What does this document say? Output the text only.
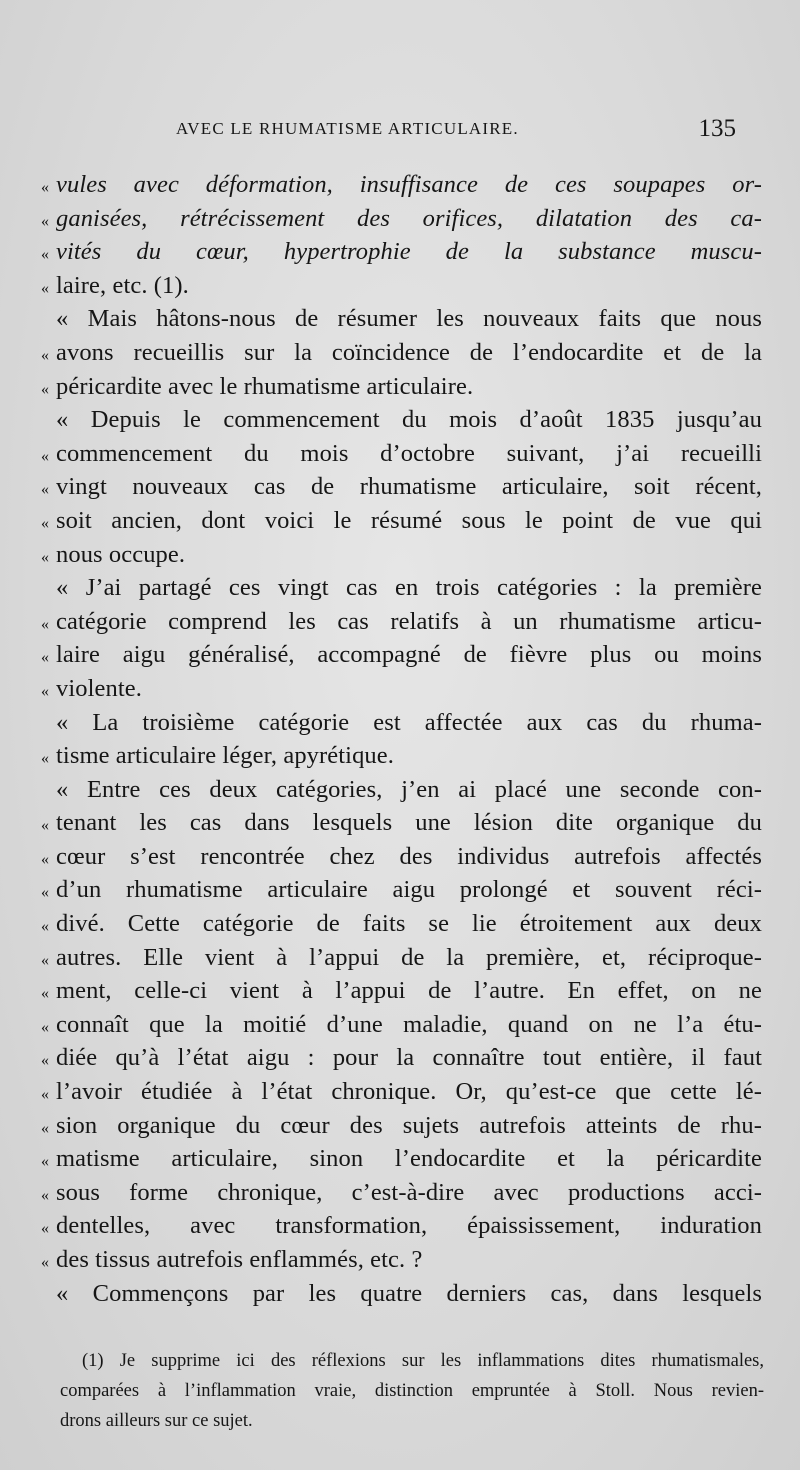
AVEC LE RHUMATISME ARTICULAIRE.	135
« vules avec déformation, insuffisance de ces soupapes or-
« ganisées, rétrécissement des orifices, dilatation des ca-
« vités du cœur, hypertrophie de la substance muscu-
« laire, etc. (1).
« Mais hâtons-nous de résumer les nouveaux faits que nous
« avons recueillis sur la coïncidence de l’endocardite et de la
« péricardite avec le rhumatisme articulaire.
« Depuis le commencement du mois d’août 1835 jusqu’au
« commencement du mois d’octobre suivant, j’ai recueilli
« vingt nouveaux cas de rhumatisme articulaire, soit récent,
« soit ancien, dont voici le résumé sous le point de vue qui
« nous occupe.
« J’ai partagé ces vingt cas en trois catégories : la première
« catégorie comprend les cas relatifs à un rhumatisme articu-
« laire aigu généralisé, accompagné de fièvre plus ou moins
« violente.
« La troisième catégorie est affectée aux cas du rhuma-
« tisme articulaire léger, apyrétique.
« Entre ces deux catégories, j’en ai placé une seconde con-
« tenant les cas dans lesquels une lésion dite organique du
« cœur s’est rencontrée chez des individus autrefois affectés
« d’un rhumatisme articulaire aigu prolongé et souvent réci-
« divé. Cette catégorie de faits se lie étroitement aux deux
« autres. Elle vient à l’appui de la première, et, réciproque-
« ment, celle-ci vient à l’appui de l’autre. En effet, on ne
« connaît que la moitié d’une maladie, quand on ne l’a étu-
« diée qu’à l’état aigu : pour la connaître tout entière, il faut
« l’avoir étudiée à l’état chronique. Or, qu’est-ce que cette lé-
« sion organique du cœur des sujets autrefois atteints de rhu-
« matisme articulaire, sinon l’endocardite et la péricardite
« sous forme chronique, c’est-à-dire avec productions acci-
« dentelles, avec transformation, épaississement, induration
« des tissus autrefois enflammés, etc. ?
« Commençons par les quatre derniers cas, dans lesquels
(1) Je supprime ici des réflexions sur les inflammations dites rhumatismales,
comparées à l’inflammation vraie, distinction empruntée à Stoll. Nous revien-
drons ailleurs sur ce sujet.
